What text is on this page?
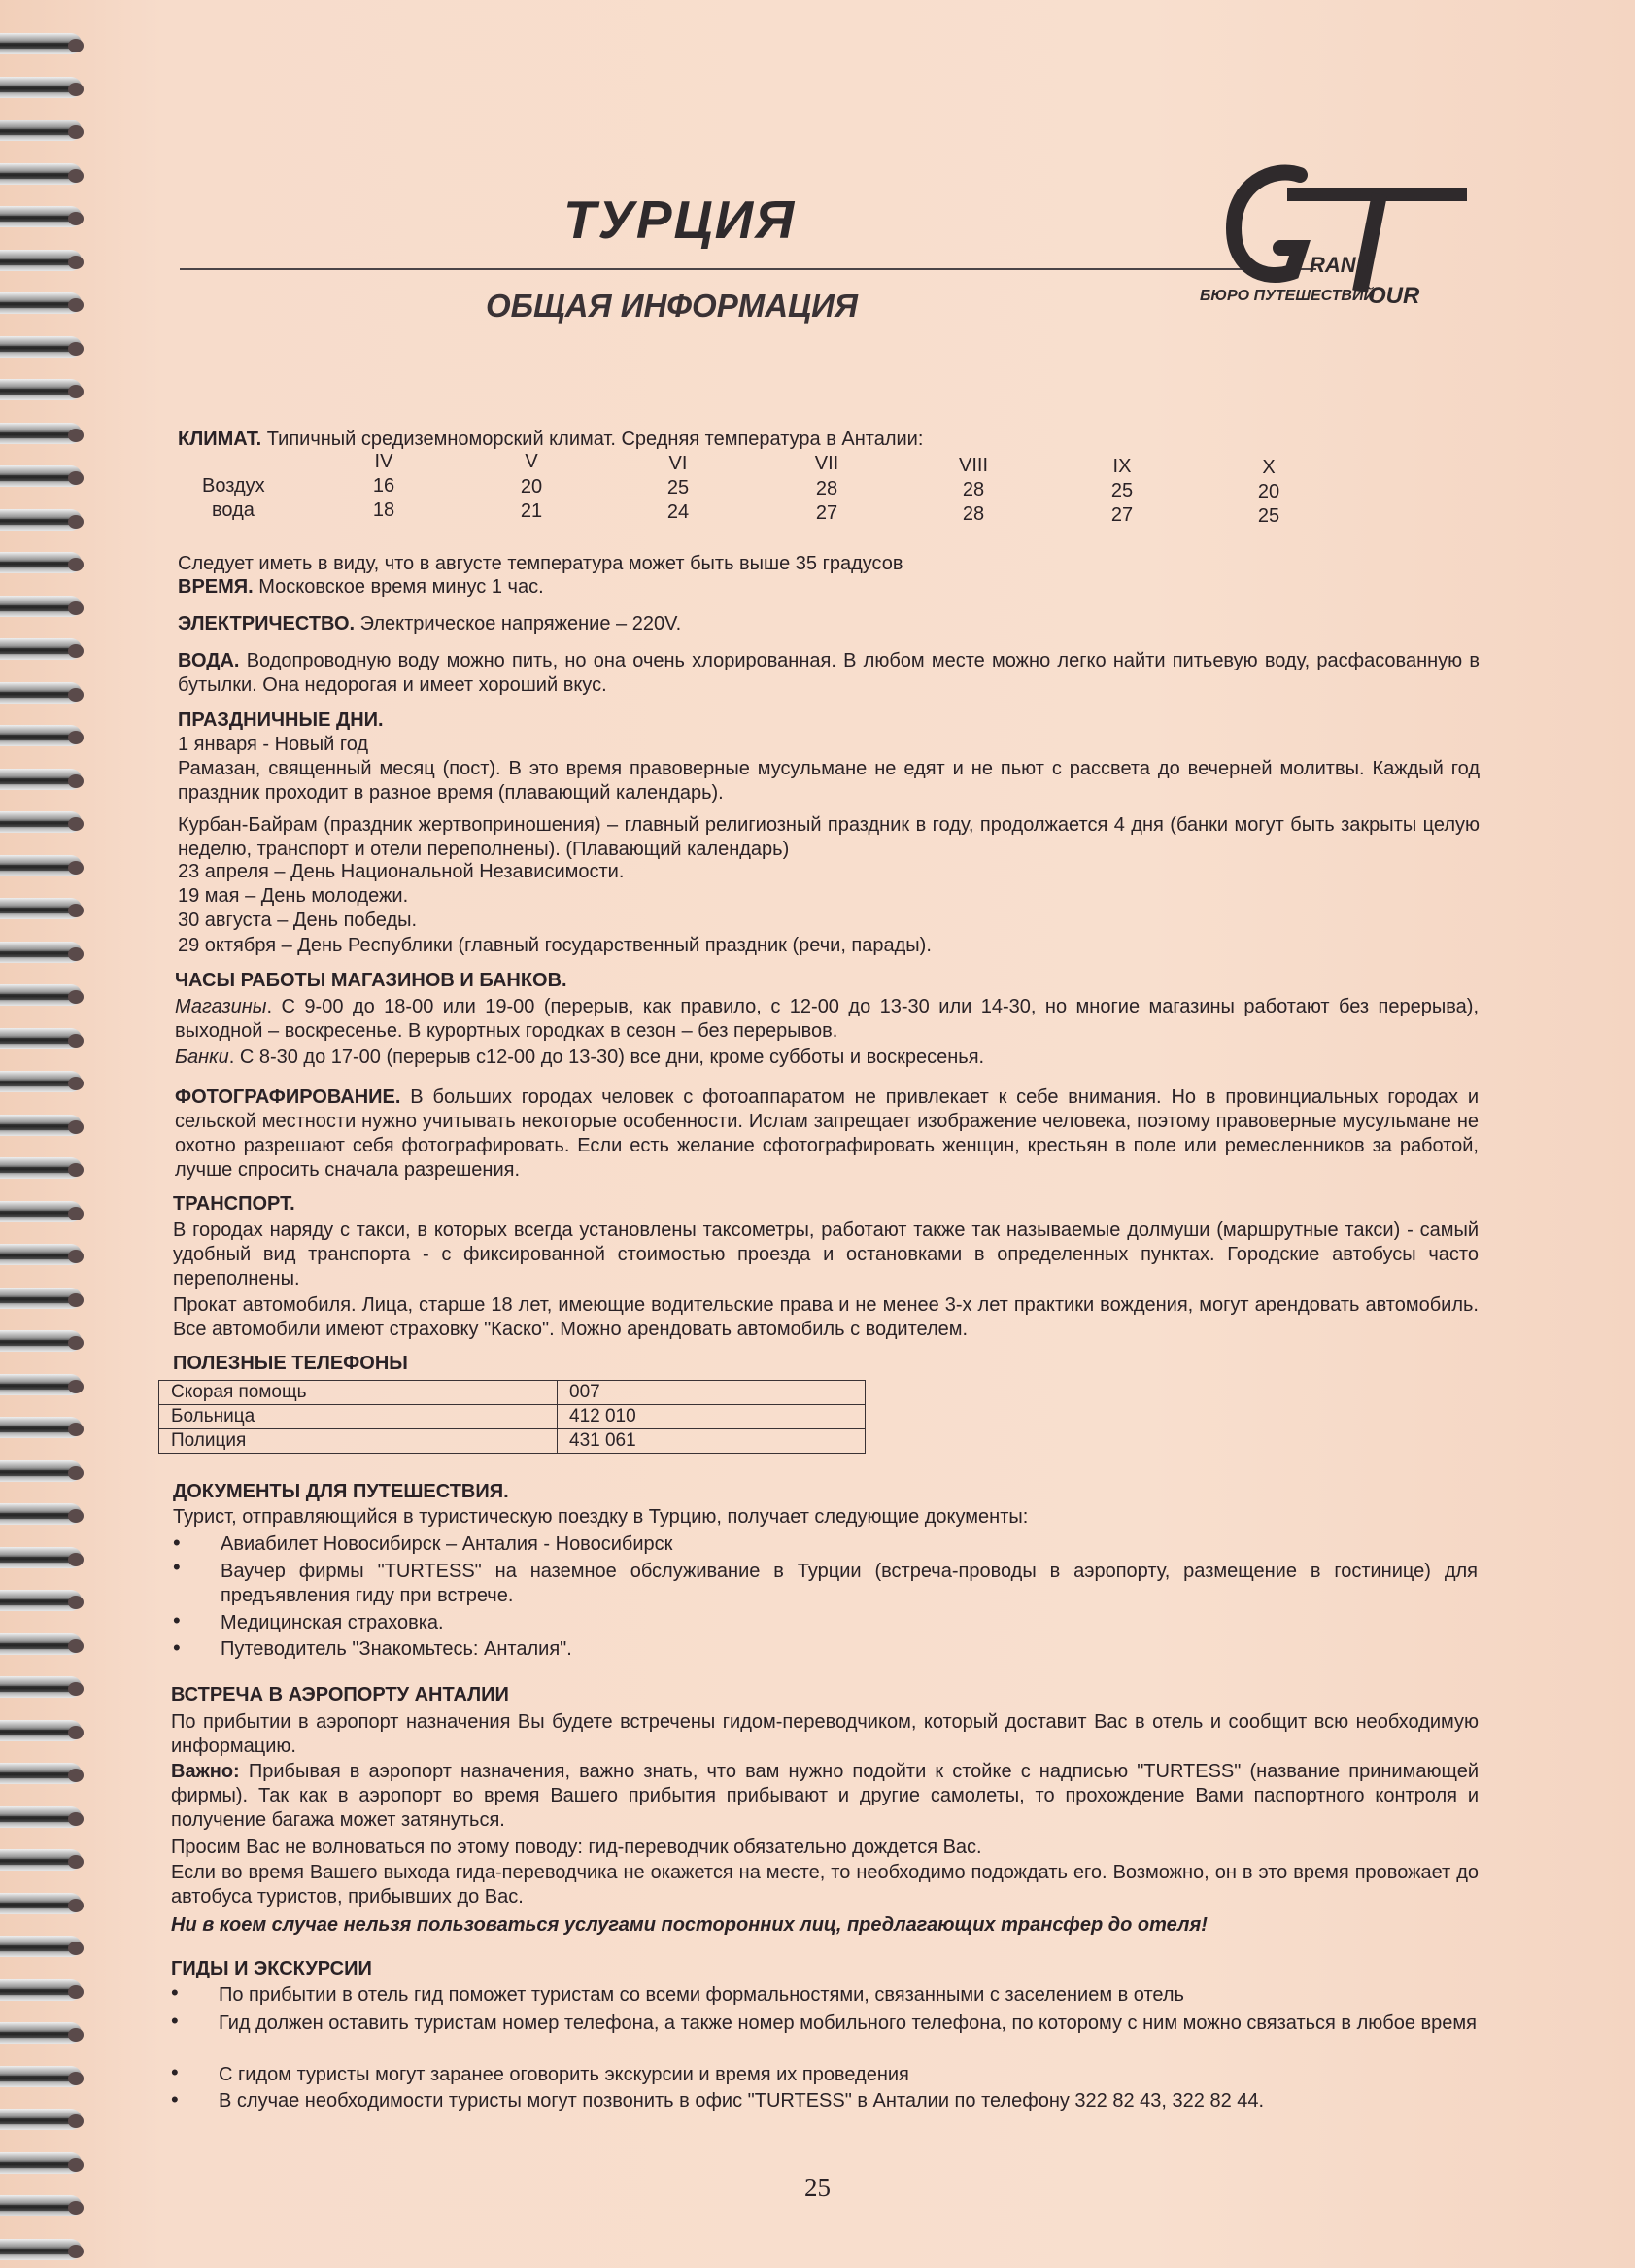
ТУРЦИЯ
ОБЩАЯ ИНФОРМАЦИЯ
RAND
OUR
БЮРО ПУТЕШЕСТВИЙ
КЛИМАТ. Типичный средиземноморский климат. Средняя температура в Анталии:
IV	V	VI	VII	VIII	IX	X
Воздух	16	20	25	28	28	25	20
вода	18	21	24	27	28	27	25
Следует иметь в виду, что в августе температура может быть выше 35 градусов
ВРЕМЯ. Московское время минус 1 час.
ЭЛЕКТРИЧЕСТВО. Электрическое напряжение – 220V.
ВОДА. Водопроводную воду можно пить, но она очень хлорированная. В любом месте можно легко найти питьевую воду, расфасованную в бутылки. Она недорогая и имеет хороший вкус.
ПРАЗДНИЧНЫЕ ДНИ.
1 января - Новый год
Рамазан, священный месяц (пост). В это время правоверные мусульмане не едят и не пьют с рассвета до вечерней молитвы. Каждый год праздник проходит в разное время (плавающий календарь).
Курбан-Байрам (праздник жертвоприношения) – главный религиозный праздник в году, продолжается 4 дня (банки могут быть закрыты целую неделю, транспорт и отели переполнены). (Плавающий календарь)
23 апреля – День Национальной Независимости.
19 мая – День молодежи.
30 августа – День победы.
29 октября – День Республики (главный государственный праздник (речи, парады).
ЧАСЫ РАБОТЫ МАГАЗИНОВ И БАНКОВ.
Магазины. С 9-00 до 18-00 или 19-00 (перерыв, как правило, с 12-00 до 13-30 или 14-30, но многие магазины работают без перерыва), выходной – воскресенье. В курортных городках в сезон – без перерывов.
Банки. С 8-30 до 17-00 (перерыв с12-00 до 13-30) все дни, кроме субботы и воскресенья.
ФОТОГРАФИРОВАНИЕ. В больших городах человек с фотоаппаратом не привлекает к себе внимания. Но в провинциальных городах и сельской местности нужно учитывать некоторые особенности. Ислам запрещает изображение человека, поэтому правоверные мусульмане не охотно разрешают себя фотографировать. Если есть желание сфотографировать женщин, крестьян в поле или ремесленников за работой, лучше спросить сначала разрешения.
ТРАНСПОРТ.
В городах наряду с такси, в которых всегда установлены таксометры, работают также так называемые долмуши (маршрутные такси) - самый удобный вид транспорта - с фиксированной стоимостью проезда и остановками в определенных пунктах. Городские автобусы часто переполнены.
Прокат автомобиля. Лица, старше 18 лет, имеющие водительские права и не менее 3-х лет практики вождения, могут арендовать автомобиль. Все автомобили имеют страховку "Каско". Можно арендовать автомобиль с водителем.
ПОЛЕЗНЫЕ ТЕЛЕФОНЫ
Скорая помощь	007
Больница	412 010
Полиция	431 061
ДОКУМЕНТЫ ДЛЯ ПУТЕШЕСТВИЯ.
Турист, отправляющийся в туристическую поездку в Турцию, получает следующие документы:
• Авиабилет Новосибирск – Анталия - Новосибирск
• Ваучер фирмы "TURTESS" на наземное обслуживание в Турции (встреча-проводы в аэропорту, размещение в гостинице) для предъявления гиду при встрече.
• Медицинская страховка.
• Путеводитель "Знакомьтесь: Анталия".
ВСТРЕЧА В АЭРОПОРТУ АНТАЛИИ
По прибытии в аэропорт назначения Вы будете встречены гидом-переводчиком, который доставит Вас в отель и сообщит всю необходимую информацию.
Важно: Прибывая в аэропорт назначения, важно знать, что вам нужно подойти к стойке с надписью "TURTESS" (название принимающей фирмы). Так как в аэропорт во время Вашего прибытия прибывают и другие самолеты, то прохождение Вами паспортного контроля и получение багажа может затянуться.
Просим Вас не волноваться по этому поводу: гид-переводчик обязательно дождется Вас.
Если во время Вашего выхода гида-переводчика не окажется на месте, то необходимо подождать его. Возможно, он в это время провожает до автобуса туристов, прибывших до Вас.
Ни в коем случае нельзя пользоваться услугами посторонних лиц, предлагающих трансфер до отеля!
ГИДЫ И ЭКСКУРСИИ
• По прибытии в отель гид поможет туристам со всеми формальностями, связанными с заселением в отель
• Гид должен оставить туристам номер телефона, а также номер мобильного телефона, по которому с ним можно связаться в любое время
• С гидом туристы могут заранее оговорить экскурсии и время их проведения
• В случае необходимости туристы могут позвонить в офис "TURTESS" в Анталии по телефону 322 82 43, 322 82 44.
25
